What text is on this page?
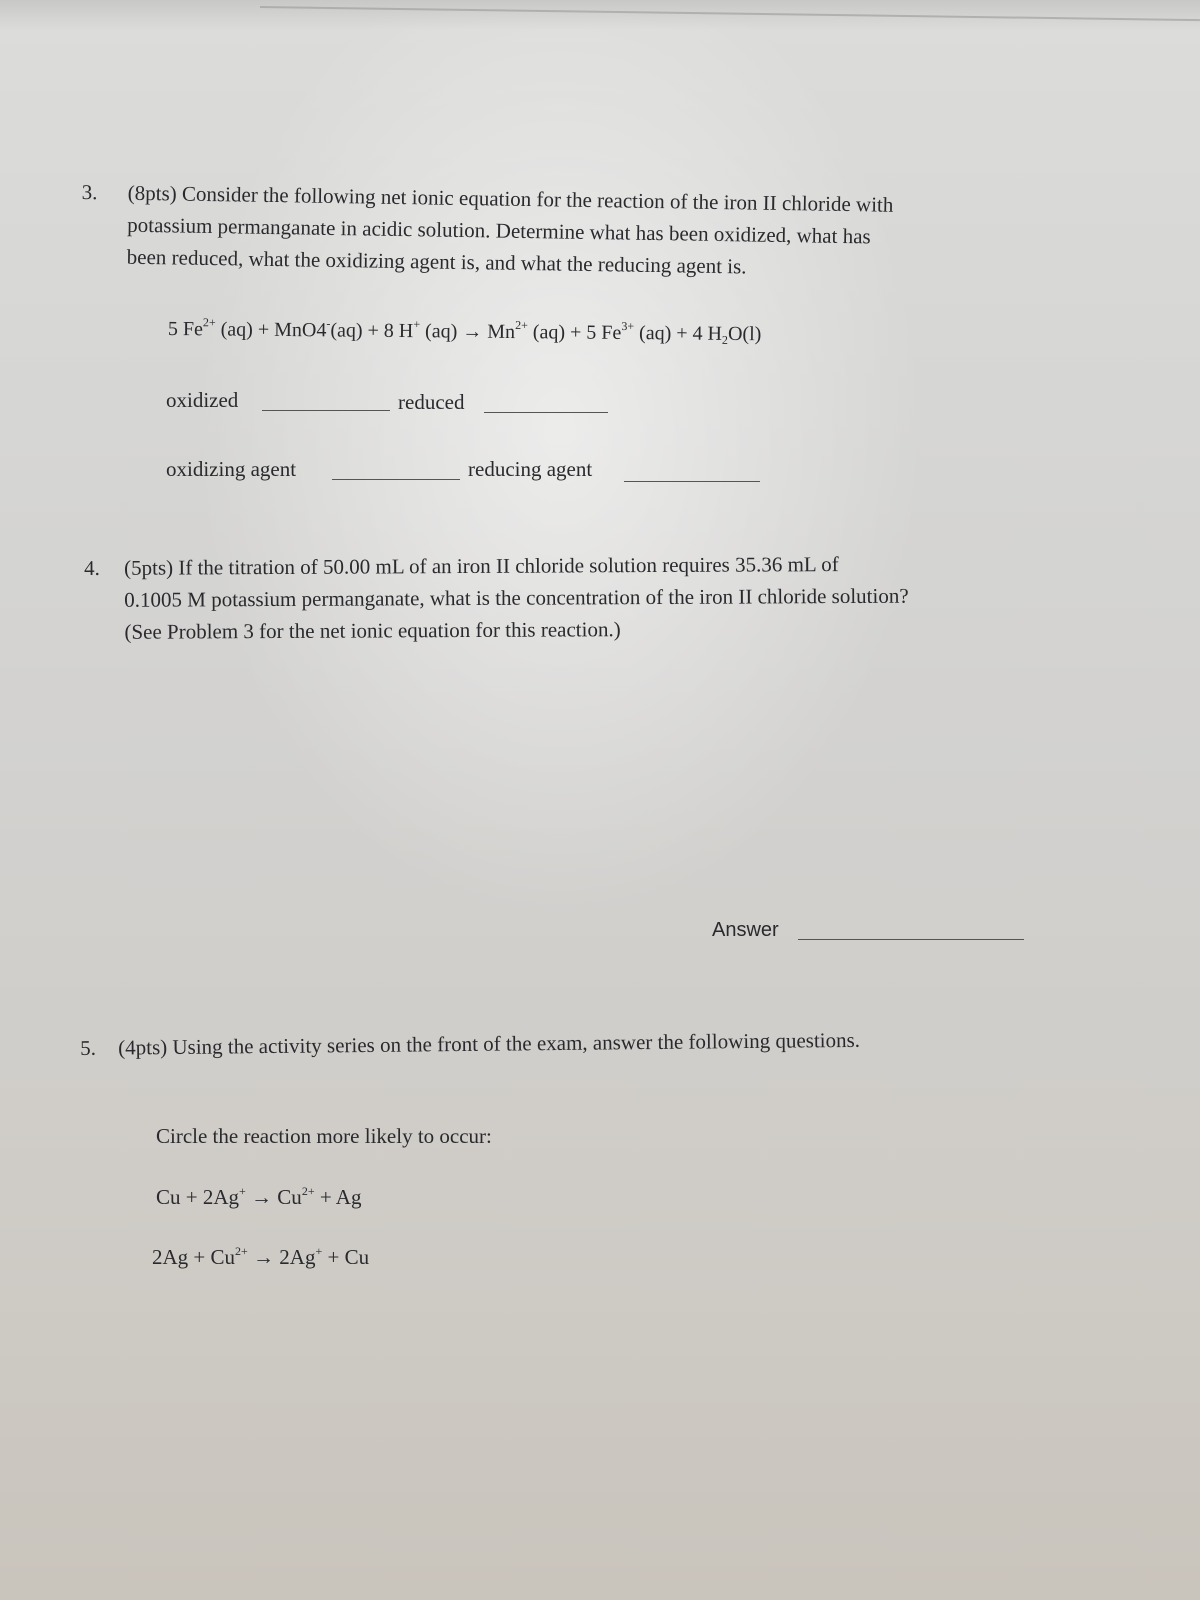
3. (8pts) Consider the following net ionic equation for the reaction of the iron II chloride with
potassium permanganate in acidic solution. Determine what has been oxidized, what has
been reduced, what the oxidizing agent is, and what the reducing agent is.
5 $Fe^{2+}$ (aq) + MnO4-(aq) + 8 H+ $(aq) \to Mn^{2+}$ (aq) + 5 $Fe^{3+}$ (aq) + 4 $H_2O(l)$
oxidized	reduced
oxidizing agent	reducing agent
4. (5pts) If the titration of 50.00 mL of an iron II chloride solution requires 35.36 mL of
0.1005 M potassium permanganate, what is the concentration of the iron II chloride solution?
(See Problem 3 for the net ionic equation for this reaction.)
Answer
5. (4pts) Using the activity series on the front of the exam, answer the following questions.
Circle the reaction more likely to occur:
$Cu + 2Ag^+ \to Cu^{2+} + Ag$
$2Ag + Cu^{2+} \to 2Ag^+ + Cu$
